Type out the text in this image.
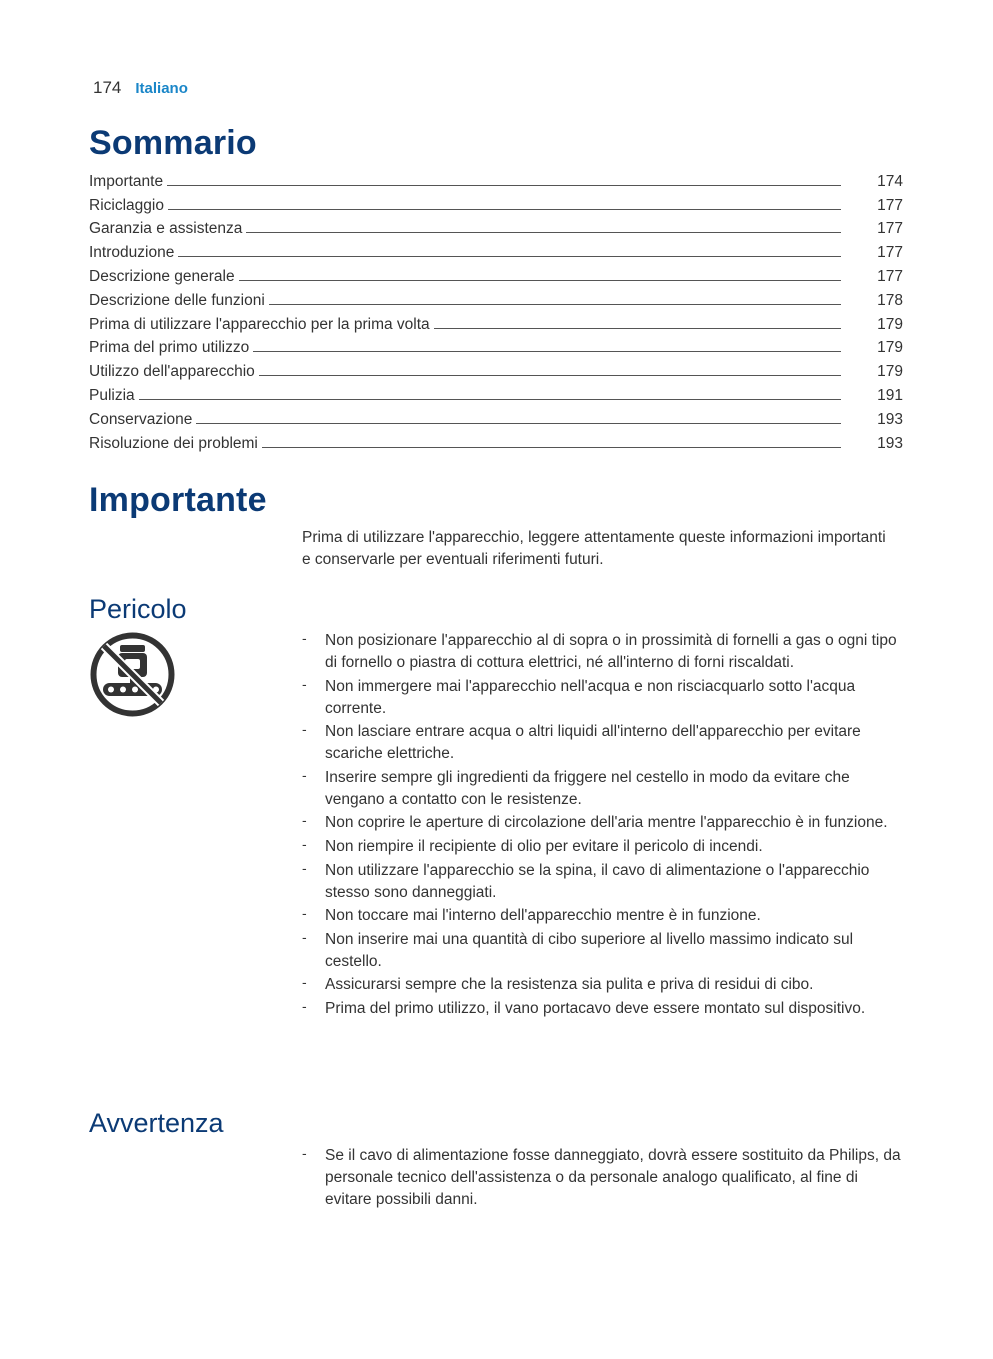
174 Italiano
Sommario
Importante	174
Riciclaggio	177
Garanzia e assistenza	177
Introduzione	177
Descrizione generale	177
Descrizione delle funzioni	178
Prima di utilizzare l'apparecchio per la prima volta	179
Prima del primo utilizzo	179
Utilizzo dell'apparecchio	179
Pulizia	191
Conservazione	193
Risoluzione dei problemi	193
Importante

Prima di utilizzare l'apparecchio, leggere attentamente queste informazioni importanti e conservarle per eventuali riferimenti futuri.

Pericolo
- Non posizionare l'apparecchio al di sopra o in prossimità di fornelli a gas o ogni tipo di fornello o piastra di cottura elettrici, né all'interno di forni riscaldati.
- Non immergere mai l'apparecchio nell'acqua e non risciacquarlo sotto l'acqua corrente.
- Non lasciare entrare acqua o altri liquidi all'interno dell'apparecchio per evitare scariche elettriche.
- Inserire sempre gli ingredienti da friggere nel cestello in modo da evitare che vengano a contatto con le resistenze.
- Non coprire le aperture di circolazione dell'aria mentre l'apparecchio è in funzione.
- Non riempire il recipiente di olio per evitare il pericolo di incendi.
- Non utilizzare l'apparecchio se la spina, il cavo di alimentazione o l'apparecchio stesso sono danneggiati.
- Non toccare mai l'interno dell'apparecchio mentre è in funzione.
- Non inserire mai una quantità di cibo superiore al livello massimo indicato sul cestello.
- Assicurarsi sempre che la resistenza sia pulita e priva di residui di cibo.
- Prima del primo utilizzo, il vano portacavo deve essere montato sul dispositivo.
Avvertenza
- Se il cavo di alimentazione fosse danneggiato, dovrà essere sostituito da Philips, da personale tecnico dell'assistenza o da personale analogo qualificato, al fine di evitare possibili danni.
